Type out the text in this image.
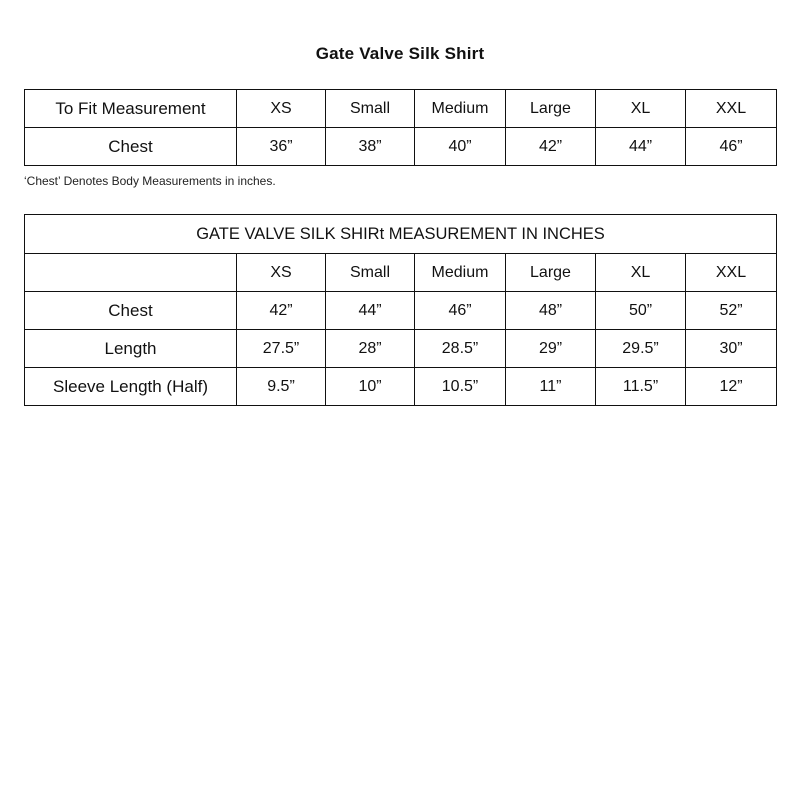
Gate Valve Silk Shirt
To Fit Measurement	XS	Small	Medium	Large	XL	XXL
Chest	36”	38”	40”	42”	44”	46”
‘Chest’ Denotes Body Measurements in inches.
GATE VALVE SILK SHIRt MEASUREMENT IN INCHES						
	XS	Small	Medium	Large	XL	XXL
Chest	42”	44”	46”	48”	50”	52”
Length	27.5”	28”	28.5”	29”	29.5”	30”
Sleeve Length (Half)	9.5”	10”	10.5”	11”	11.5”	12”
